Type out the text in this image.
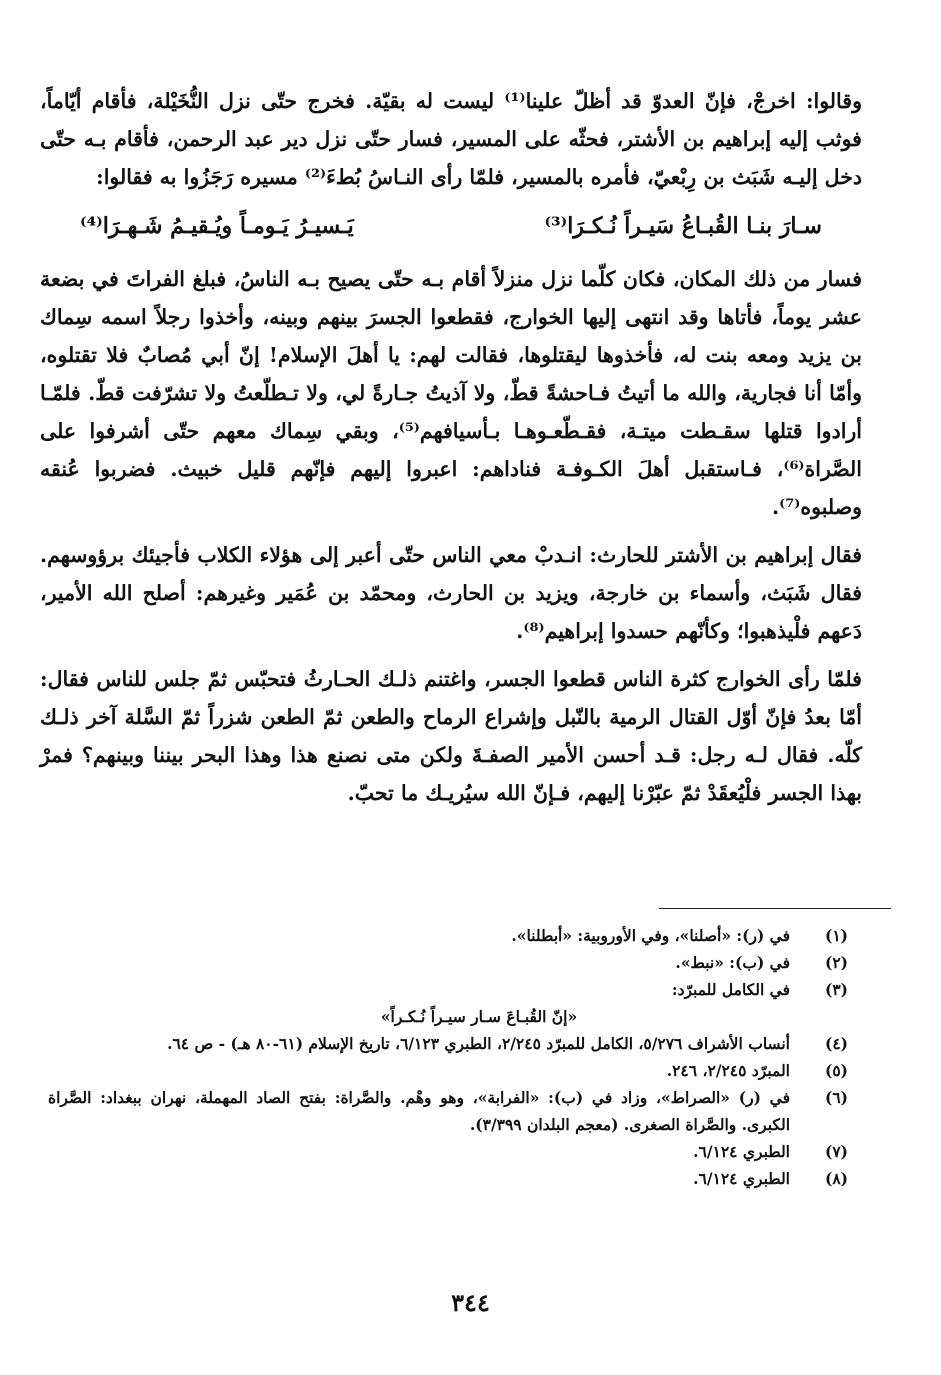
وقالوا: اخرجْ، فإنّ العدوّ قد أظلّ علينا⁽¹⁾ ليست له بقيّة. فخرج حتّى نزل النُّخَيْلة، فأقام أيّاماً، فوثب إليه إبراهيم بن الأشتر، فحثّه على المسير، فسار حتّى نزل دير عبد الرحمن، فأقام بـه حتّى دخل إليـه شَبَث بن رِبْعيّ، فأمره بالمسير، فلمّا رأى النـاسُ بُطءَ⁽²⁾ مسيره رَجَزُوا به فقالوا:

سـارَ بنـا القُبـاعُ سَيـراً نُـكـرَا⁽³⁾
يَـسيـرُ يَـومـاً ويُـقيـمُ شَـهـرَا⁽⁴⁾

فسار من ذلك المكان، فكان كلّما نزل منزلاً أقام بـه حتّى يصيح بـه الناسُ، فبلغ الفراتَ في بضعة عشر يوماً، فأتاها وقد انتهى إليها الخوارج، فقطعوا الجسرَ بينهم وبينه، وأخذوا رجلاً اسمه سِماك بن يزيد ومعه بنت له، فأخذوها ليقتلوها، فقالت لهم: يا أهلَ الإسلام! إنّ أبي مُصابٌ فلا تقتلوه، وأمّا أنا فجارية، والله ما أتيتُ فـاحشةً قطّ، ولا آذيتُ جـارةً لي، ولا تـطلّعتُ ولا تشرّفت قطّ. فلمّـا أرادوا قتلها سقـطت ميتـة، فقـطّعـوهـا بـأسيافهم⁽⁵⁾، وبقي سِماك معهم حتّى أشرفوا على الصَّراة⁽⁶⁾، فـاستقبل أهلَ الكـوفـة فناداهم: اعبروا إليهم فإنّهم قليل خبيث. فضربوا عُنقه وصلبوه⁽⁷⁾.

فقال إبراهيم بن الأشتر للحارث: انـدبْ معي الناس حتّى أعبر إلى هؤلاء الكلاب فأجيئك برؤوسهم. فقال شَبَث، وأسماء بن خارجة، ويزيد بن الحارث، ومحمّد بن عُمَير وغيرهم: أصلح الله الأمير، دَعهم فلْيذهبوا؛ وكأنّهم حسدوا إبراهيم⁽⁸⁾.

فلمّا رأى الخوارج كثرة الناس قطعوا الجسر، واغتنم ذلـك الحـارثُ فتحبّس ثمّ جلس للناس فقال: أمّا بعدُ فإنّ أوّل القتال الرمية بالنّبل وإشراع الرماح والطعن ثمّ الطعن شزراً ثمّ السَّلة آخر ذلـك كلّه. فقال لـه رجل: قـد أحسن الأمير الصفـةَ ولكن متى نصنع هذا وهذا البحر بيننا وبينهم؟ فمرْ بهذا الجسر فلْيُعقَدْ ثمّ عبّرْنا إليهم، فـإنّ الله سيُريـك ما تحبّ.

(١)
في (ر): «أصلنا»، وفي الأوروبية: «أبطلنا».
(٢)
في (ب): «نبط».
(٣)
في الكامل للمبرّد:
«إنّ القُبـاعَ سـار سيـراً نُـكـراً»
(٤)
أنساب الأشراف ٥/٢٧٦، الكامل للمبرّد ٢/٢٤٥، الطبري ٦/١٢٣، تاريخ الإسلام (٦١-٨٠ هـ) - ص ٦٤.
(٥)
المبرّد ٢/٢٤٥، ٢٤٦.
(٦)
في (ر) «الصراط»، وزاد في (ب): «الفرابة»، وهو وهْم. والصَّراة: بفتح الصاد المهملة، نهران ببغداد: الصَّراة الكبرى. والصَّراة الصغرى. (معجم البلدان ٣/٣٩٩).
(٧)
الطبري ٦/١٢٤.
(٨)
الطبري ٦/١٢٤.
٣٤٤
